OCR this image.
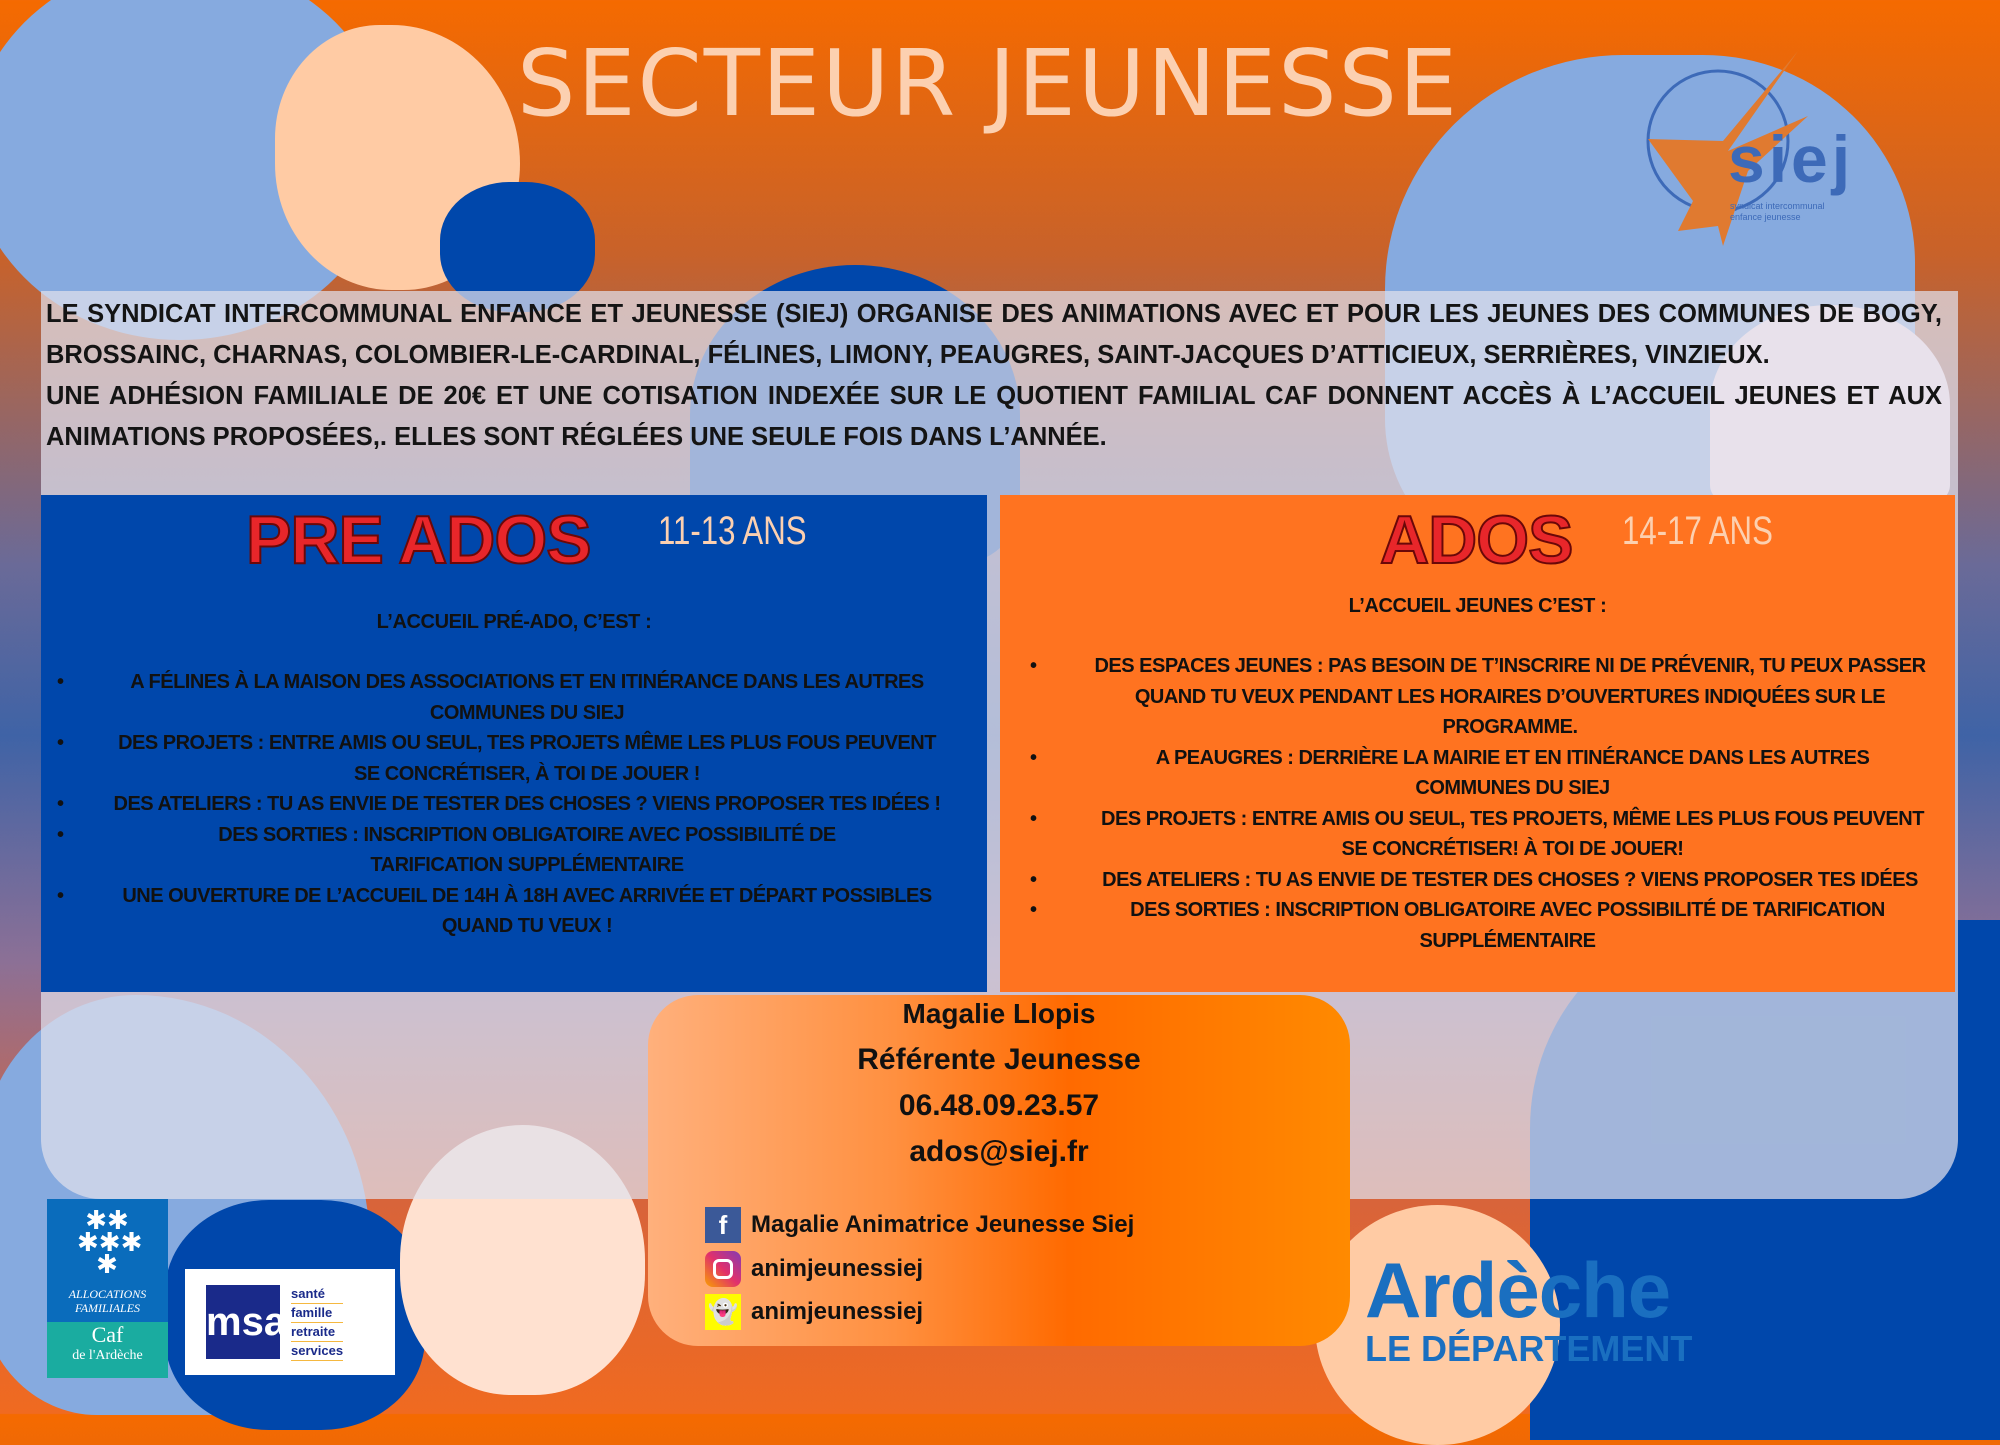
SECTEUR JEUNESSE
siej
syndicat intercommunal
enfance jeunesse

LE SYNDICAT INTERCOMMUNAL ENFANCE ET JEUNESSE (SIEJ) ORGANISE DES ANIMATIONS AVEC ET POUR LES JEUNES DES COMMUNES DE BOGY, BROSSAINC, CHARNAS, COLOMBIER-LE-CARDINAL, FÉLINES, LIMONY, PEAUGRES, SAINT-JACQUES D’ATTICIEUX, SERRIÈRES, VINZIEUX.

UNE ADHÉSION FAMILIALE DE 20€ ET UNE COTISATION INDEXÉE SUR LE QUOTIENT FAMILIAL CAF DONNENT ACCÈS À L’ACCUEIL JEUNES ET AUX ANIMATIONS PROPOSÉES,. ELLES SONT RÉGLÉES UNE SEULE FOIS DANS L’ANNÉE.

PRE ADOS 11-13 ANS
L’ACCUEIL PRÉ-ADO, C’EST :
• A FÉLINES À LA MAISON DES ASSOCIATIONS ET EN ITINÉRANCE DANS LES AUTRES COMMUNES DU SIEJ
• DES PROJETS : ENTRE AMIS OU SEUL, TES PROJETS MÊME LES PLUS FOUS PEUVENT SE CONCRÉTISER, À TOI DE JOUER !
• DES ATELIERS : TU AS ENVIE DE TESTER DES CHOSES ? VIENS PROPOSER TES IDÉES !
• DES SORTIES : INSCRIPTION OBLIGATOIRE AVEC POSSIBILITÉ DE TARIFICATION SUPPLÉMENTAIRE
• UNE OUVERTURE DE L’ACCUEIL DE 14H À 18H AVEC ARRIVÉE ET DÉPART POSSIBLES QUAND TU VEUX !
ADOS 14-17 ANS
L’ACCUEIL JEUNES C’EST :
• DES ESPACES JEUNES : PAS BESOIN DE T’INSCRIRE NI DE PRÉVENIR, TU PEUX PASSER QUAND TU VEUX PENDANT LES HORAIRES D’OUVERTURES INDIQUÉES SUR LE PROGRAMME.
• A PEAUGRES : DERRIÈRE LA MAIRIE ET EN ITINÉRANCE DANS LES AUTRES COMMUNES DU SIEJ
• DES PROJETS : ENTRE AMIS OU SEUL, TES PROJETS, MÊME LES PLUS FOUS PEUVENT SE CONCRÉTISER! À TOI DE JOUER!
• DES ATELIERS : TU AS ENVIE DE TESTER DES CHOSES ? VIENS PROPOSER TES IDÉES
• DES SORTIES : INSCRIPTION OBLIGATOIRE AVEC POSSIBILITÉ DE TARIFICATION SUPPLÉMENTAIRE
Magalie Llopis
Référente Jeunesse
06.48.09.23.57
ados@siej.fr
f Magalie Animatrice Jeunesse Siej
animjeunessiej
👻 animjeunessiej
✱✱
✱✱✱
✱
ALLOCATIONS
FAMILIALES
Caf
de l'Ardèche
msa
santé
famille
retraite
services
Ardèche
LE DÉPARTEMENT
